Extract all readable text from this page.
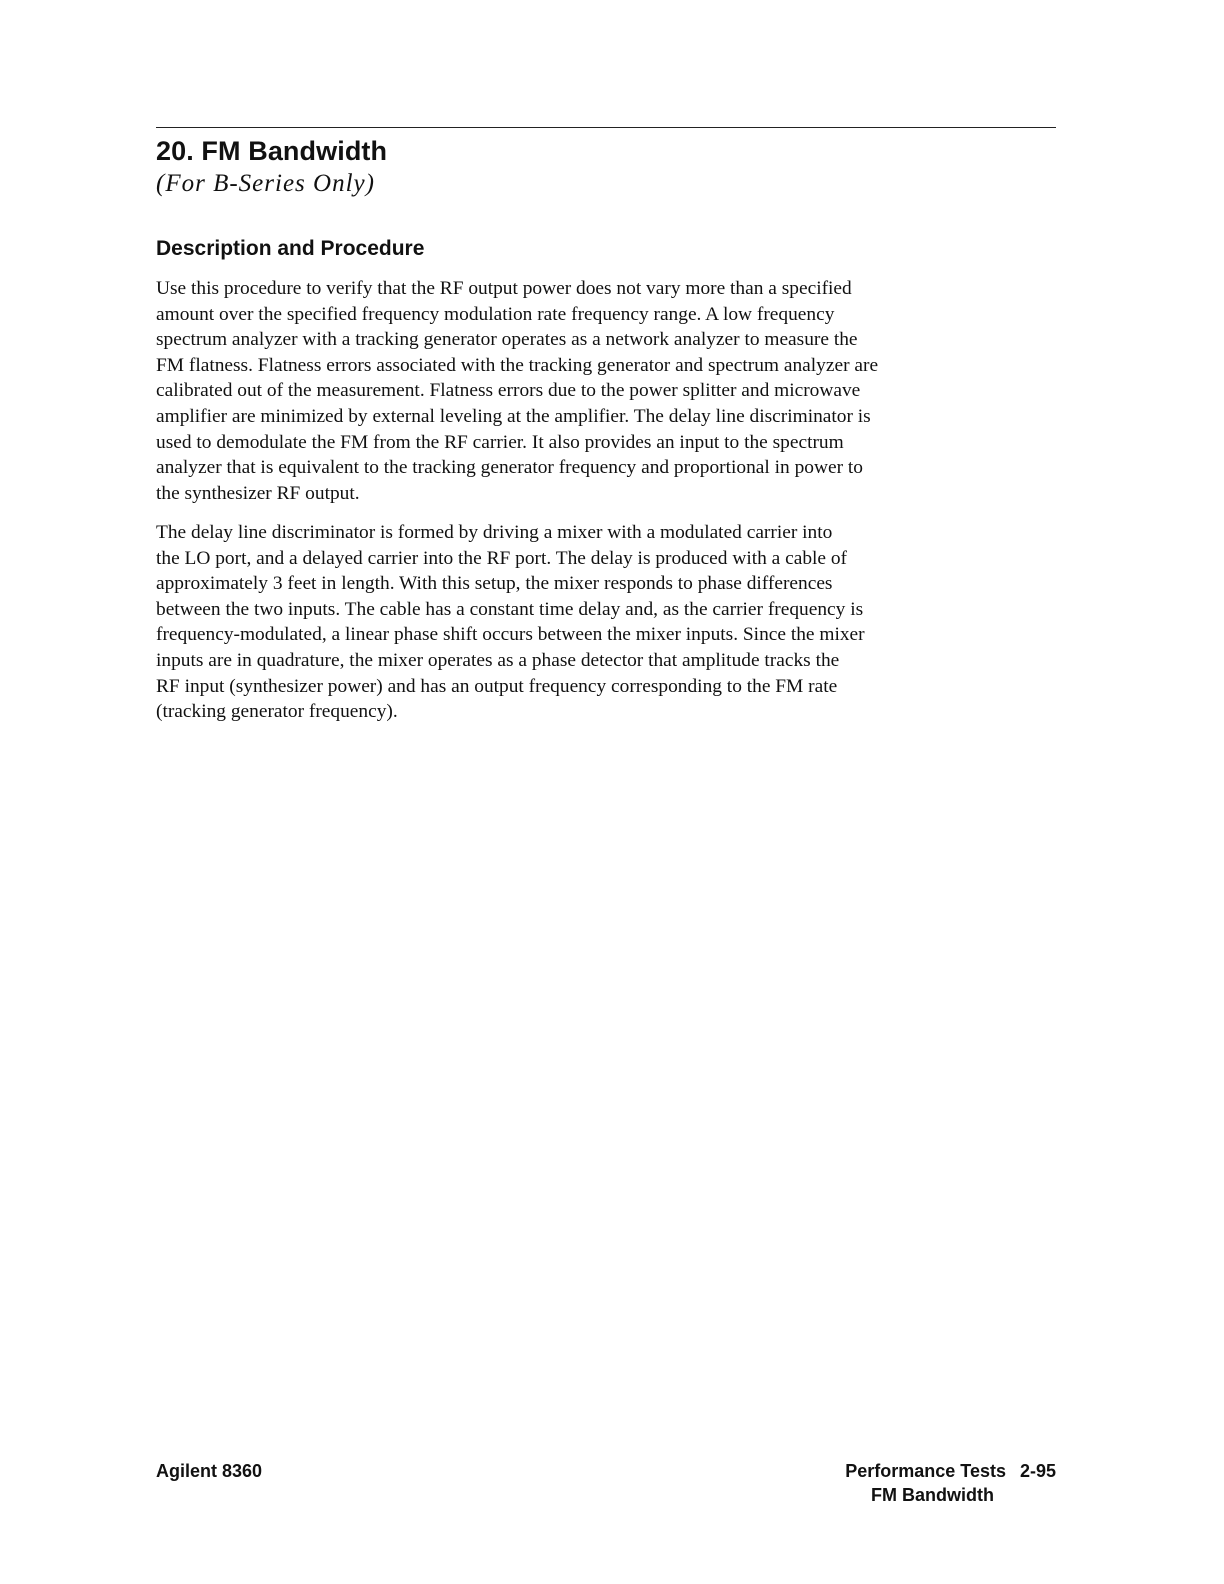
20. FM Bandwidth
(For B-Series Only)
Description and Procedure
Use this procedure to verify that the RF output power does not vary more than a specified
amount over the specified frequency modulation rate frequency range. A low frequency
spectrum analyzer with a tracking generator operates as a network analyzer to measure the
FM flatness. Flatness errors associated with the tracking generator and spectrum analyzer are
calibrated out of the measurement. Flatness errors due to the power splitter and microwave
amplifier are minimized by external leveling at the amplifier. The delay line discriminator is
used to demodulate the FM from the RF carrier. It also provides an input to the spectrum
analyzer that is equivalent to the tracking generator frequency and proportional in power to
the synthesizer RF output.
The delay line discriminator is formed by driving a mixer with a modulated carrier into
the LO port, and a delayed carrier into the RF port. The delay is produced with a cable of
approximately 3 feet in length. With this setup, the mixer responds to phase differences
between the two inputs. The cable has a constant time delay and, as the carrier frequency is
frequency-modulated, a linear phase shift occurs between the mixer inputs. Since the mixer
inputs are in quadrature, the mixer operates as a phase detector that amplitude tracks the
RF input (synthesizer power) and has an output frequency corresponding to the FM rate
(tracking generator frequency).
Agilent 8360	Performance Tests 2-95
FM Bandwidth
